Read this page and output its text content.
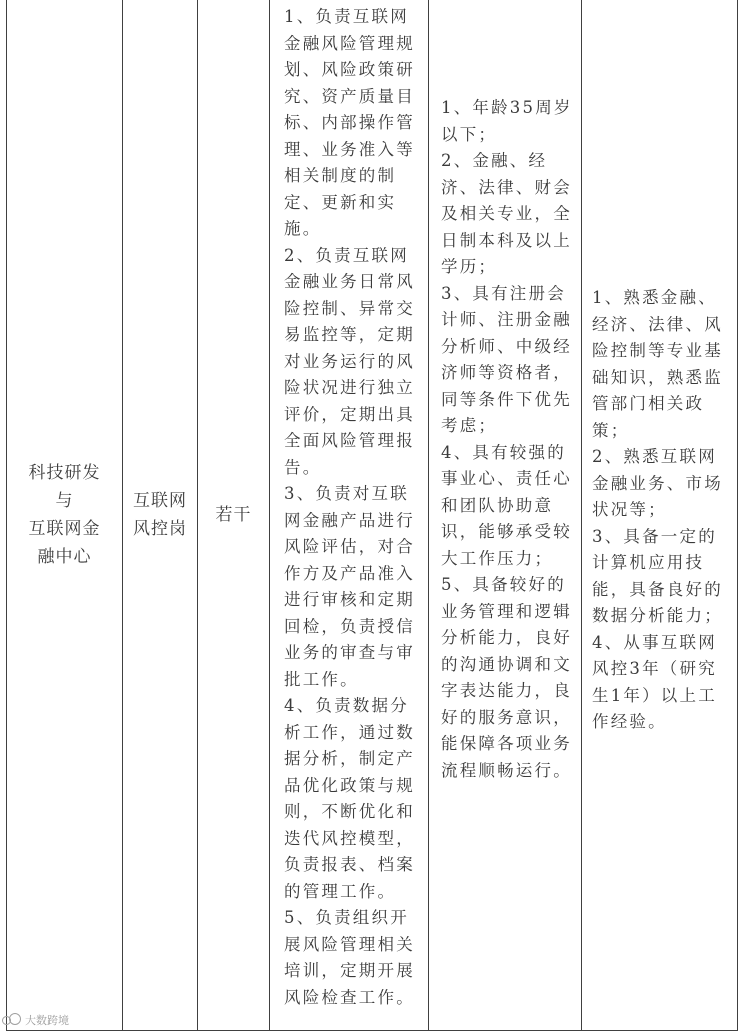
科技研发
与
互联网金
融中心
互联网
风控岗
若干

1、负责互联网金融风险管理规划、风险政策研究、资产质量目标、内部操作管理、业务准入等相关制度的制定、更新和实施。

2、负责互联网金融业务日常风险控制、异常交易监控等，定期对业务运行的风险状况进行独立评价，定期出具全面风险管理报告。

3、负责对互联网金融产品进行风险评估，对合作方及产品准入进行审核和定期回检，负责授信业务的审查与审批工作。

4、负责数据分析工作，通过数据分析，制定产品优化政策与规则，不断优化和迭代风控模型，负责报表、档案的管理工作。

5、负责组织开展风险管理相关培训，定期开展风险检查工作。

1、年龄35周岁以下；

2、金融、经济、法律、财会及相关专业，全日制本科及以上学历；

3、具有注册会计师、注册金融分析师、中级经济师等资格者，同等条件下优先考虑；

4、具有较强的事业心、责任心和团队协助意识，能够承受较大工作压力；

5、具备较好的业务管理和逻辑分析能力，良好的沟通协调和文字表达能力，良好的服务意识，能保障各项业务流程顺畅运行。

1、熟悉金融、经济、法律、风险控制等专业基础知识，熟悉监管部门相关政策；

2、熟悉互联网金融业务、市场状况等；

3、具备一定的计算机应用技能，具备良好的数据分析能力；

4、从事互联网风控3年（研究生1年）以上工作经验。

大数跨境
